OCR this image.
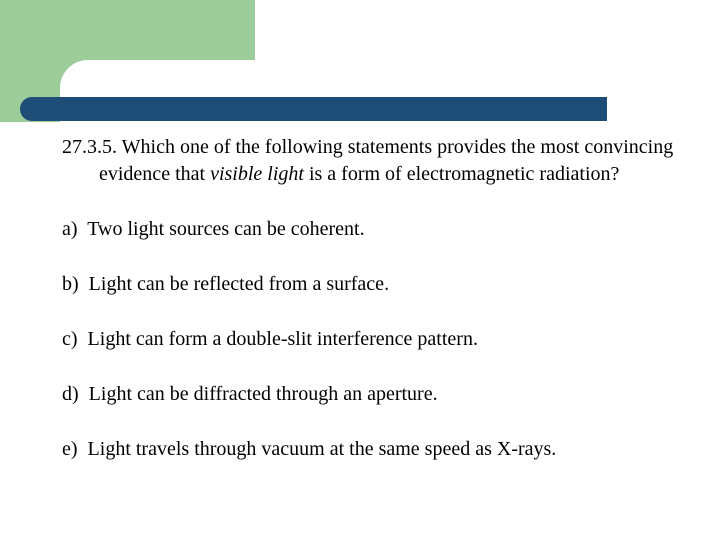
27.3.5. Which one of the following statements provides the most convincing evidence that visible light is a form of electromagnetic radiation?

a) Two light sources can be coherent.
b) Light can be reflected from a surface.
c) Light can form a double-slit interference pattern.
d) Light can be diffracted through an aperture.
e) Light travels through vacuum at the same speed as X-rays.
